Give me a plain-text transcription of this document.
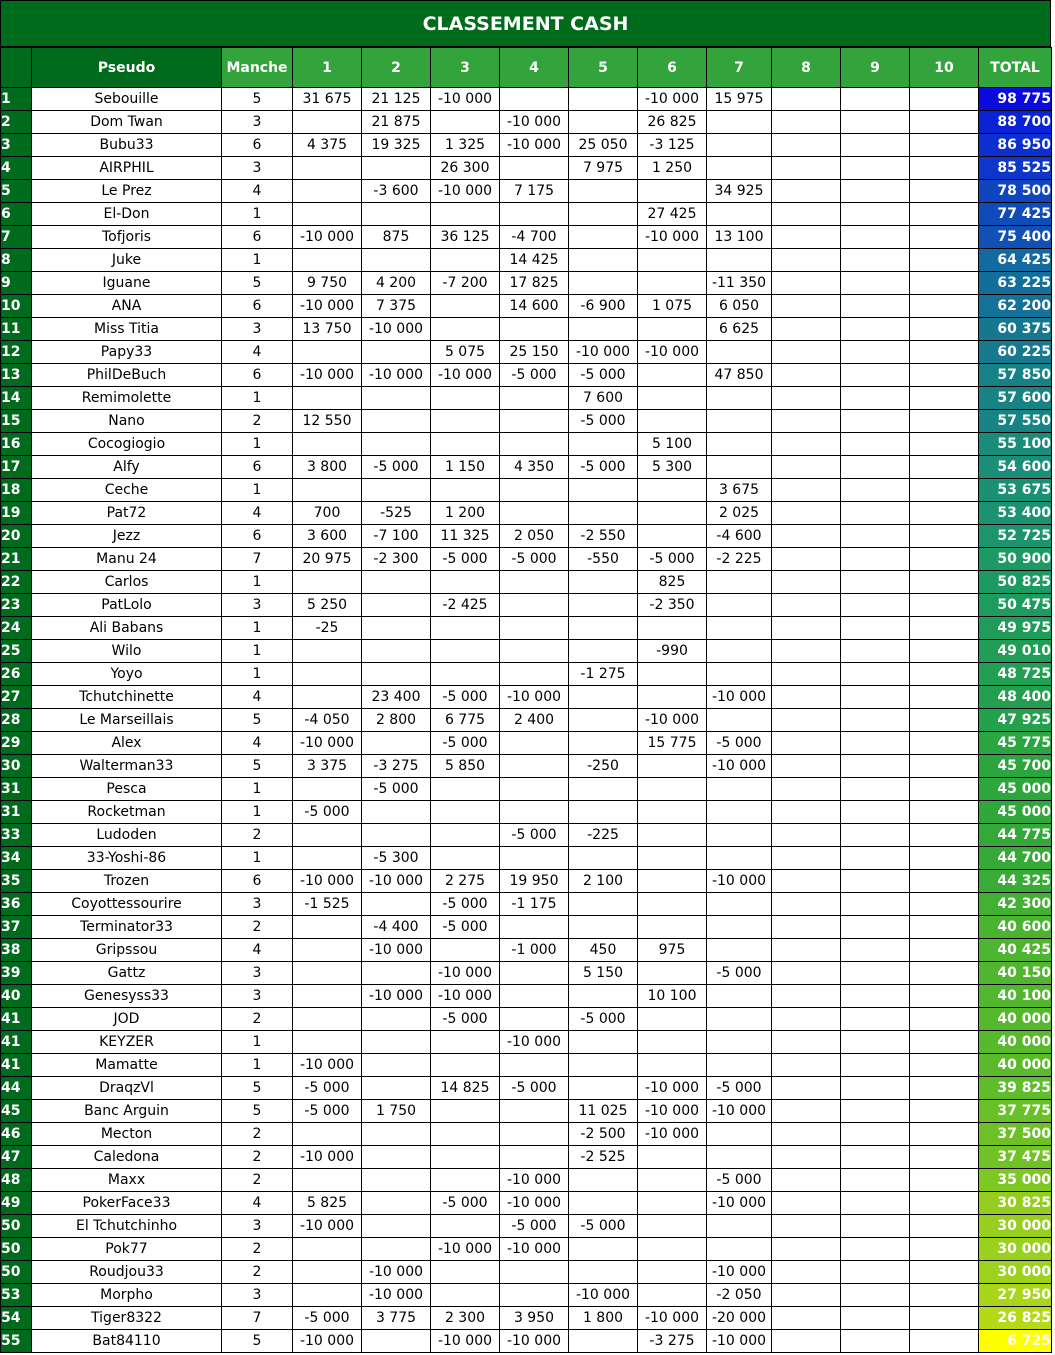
CLASSEMENT CASH
	Pseudo	Manche	1	2	3	4	5	6	7	8	9	10	TOTAL
1	Sebouille	5	31 675	21 125	-10 000			-10 000	15 975				98 775
2	Dom Twan	3		21 875		-10 000		26 825					88 700
3	Bubu33	6	4 375	19 325	1 325	-10 000	25 050	-3 125					86 950
4	AIRPHIL	3			26 300		7 975	1 250					85 525
5	Le Prez	4		-3 600	-10 000	7 175			34 925				78 500
6	El-Don	1						27 425					77 425
7	Tofjoris	6	-10 000	875	36 125	-4 700		-10 000	13 100				75 400
8	Juke	1				14 425							64 425
9	Iguane	5	9 750	4 200	-7 200	17 825			-11 350				63 225
10	ANA	6	-10 000	7 375		14 600	-6 900	1 075	6 050				62 200
11	Miss Titia	3	13 750	-10 000					6 625				60 375
12	Papy33	4			5 075	25 150	-10 000	-10 000					60 225
13	PhilDeBuch	6	-10 000	-10 000	-10 000	-5 000	-5 000		47 850				57 850
14	Remimolette	1					7 600						57 600
15	Nano	2	12 550				-5 000						57 550
16	Cocogiogio	1						5 100					55 100
17	Alfy	6	3 800	-5 000	1 150	4 350	-5 000	5 300					54 600
18	Ceche	1							3 675				53 675
19	Pat72	4	700	-525	1 200				2 025				53 400
20	Jezz	6	3 600	-7 100	11 325	2 050	-2 550		-4 600				52 725
21	Manu 24	7	20 975	-2 300	-5 000	-5 000	-550	-5 000	-2 225				50 900
22	Carlos	1						825					50 825
23	PatLolo	3	5 250		-2 425			-2 350					50 475
24	Ali Babans	1	-25										49 975
25	Wilo	1						-990					49 010
26	Yoyo	1					-1 275						48 725
27	Tchutchinette	4		23 400	-5 000	-10 000			-10 000				48 400
28	Le Marseillais	5	-4 050	2 800	6 775	2 400		-10 000					47 925
29	Alex	4	-10 000		-5 000			15 775	-5 000				45 775
30	Walterman33	5	3 375	-3 275	5 850		-250		-10 000				45 700
31	Pesca	1		-5 000									45 000
31	Rocketman	1	-5 000										45 000
33	Ludoden	2				-5 000	-225						44 775
34	33-Yoshi-86	1		-5 300									44 700
35	Trozen	6	-10 000	-10 000	2 275	19 950	2 100		-10 000				44 325
36	Coyottessourire	3	-1 525		-5 000	-1 175							42 300
37	Terminator33	2		-4 400	-5 000								40 600
38	Gripssou	4		-10 000		-1 000	450	975					40 425
39	Gattz	3			-10 000		5 150		-5 000				40 150
40	Genesyss33	3		-10 000	-10 000			10 100					40 100
41	JOD	2			-5 000		-5 000						40 000
41	KEYZER	1				-10 000							40 000
41	Mamatte	1	-10 000										40 000
44	DraqzVl	5	-5 000		14 825	-5 000		-10 000	-5 000				39 825
45	Banc Arguin	5	-5 000	1 750			11 025	-10 000	-10 000				37 775
46	Mecton	2					-2 500	-10 000					37 500
47	Caledona	2	-10 000				-2 525						37 475
48	Maxx	2				-10 000			-5 000				35 000
49	PokerFace33	4	5 825		-5 000	-10 000			-10 000				30 825
50	El Tchutchinho	3	-10 000			-5 000	-5 000						30 000
50	Pok77	2			-10 000	-10 000							30 000
50	Roudjou33	2		-10 000					-10 000				30 000
53	Morpho	3		-10 000			-10 000		-2 050				27 950
54	Tiger8322	7	-5 000	3 775	2 300	3 950	1 800	-10 000	-20 000				26 825
55	Bat84110	5	-10 000		-10 000	-10 000		-3 275	-10 000				6 725
